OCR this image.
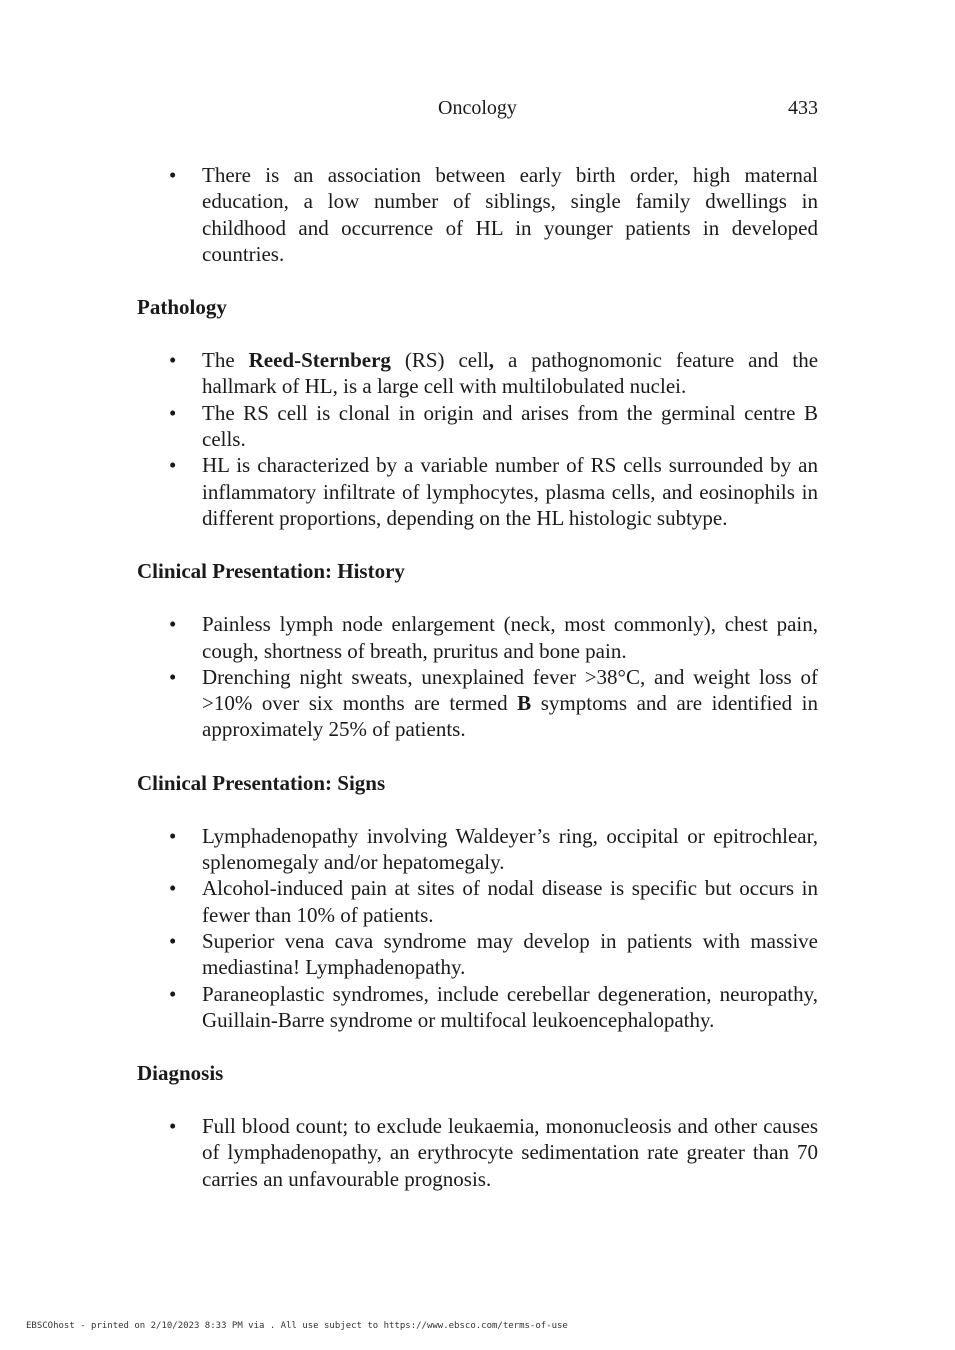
Oncology	433
• There is an association between early birth order, high maternal education, a low number of siblings, single family dwellings in childhood and occurrence of HL in younger patients in developed countries.
Pathology
• The Reed-Sternberg (RS) cell, a pathognomonic feature and the hallmark of HL, is a large cell with multilobulated nuclei.
• The RS cell is clonal in origin and arises from the germinal centre B cells.
• HL is characterized by a variable number of RS cells surrounded by an inflammatory infiltrate of lymphocytes, plasma cells, and eosinophils in different proportions, depending on the HL histologic subtype.
Clinical Presentation: History
• Painless lymph node enlargement (neck, most commonly), chest pain, cough, shortness of breath, pruritus and bone pain.
• Drenching night sweats, unexplained fever >38°C, and weight loss of >10% over six months are termed B symptoms and are identified in approximately 25% of patients.
Clinical Presentation: Signs
• Lymphadenopathy involving Waldeyer’s ring, occipital or epitrochlear, splenomegaly and/or hepatomegaly.
• Alcohol-induced pain at sites of nodal disease is specific but occurs in fewer than 10% of patients.
• Superior vena cava syndrome may develop in patients with massive mediastina! Lymphadenopathy.
• Paraneoplastic syndromes, include cerebellar degeneration, neuropathy, Guillain-Barre syndrome or multifocal leukoencephalopathy.
Diagnosis
• Full blood count; to exclude leukaemia, mononucleosis and other causes of lymphadenopathy, an erythrocyte sedimentation rate greater than 70 carries an unfavourable prognosis.
EBSCOhost - printed on 2/10/2023 8:33 PM via . All use subject to https://www.ebsco.com/terms-of-use
